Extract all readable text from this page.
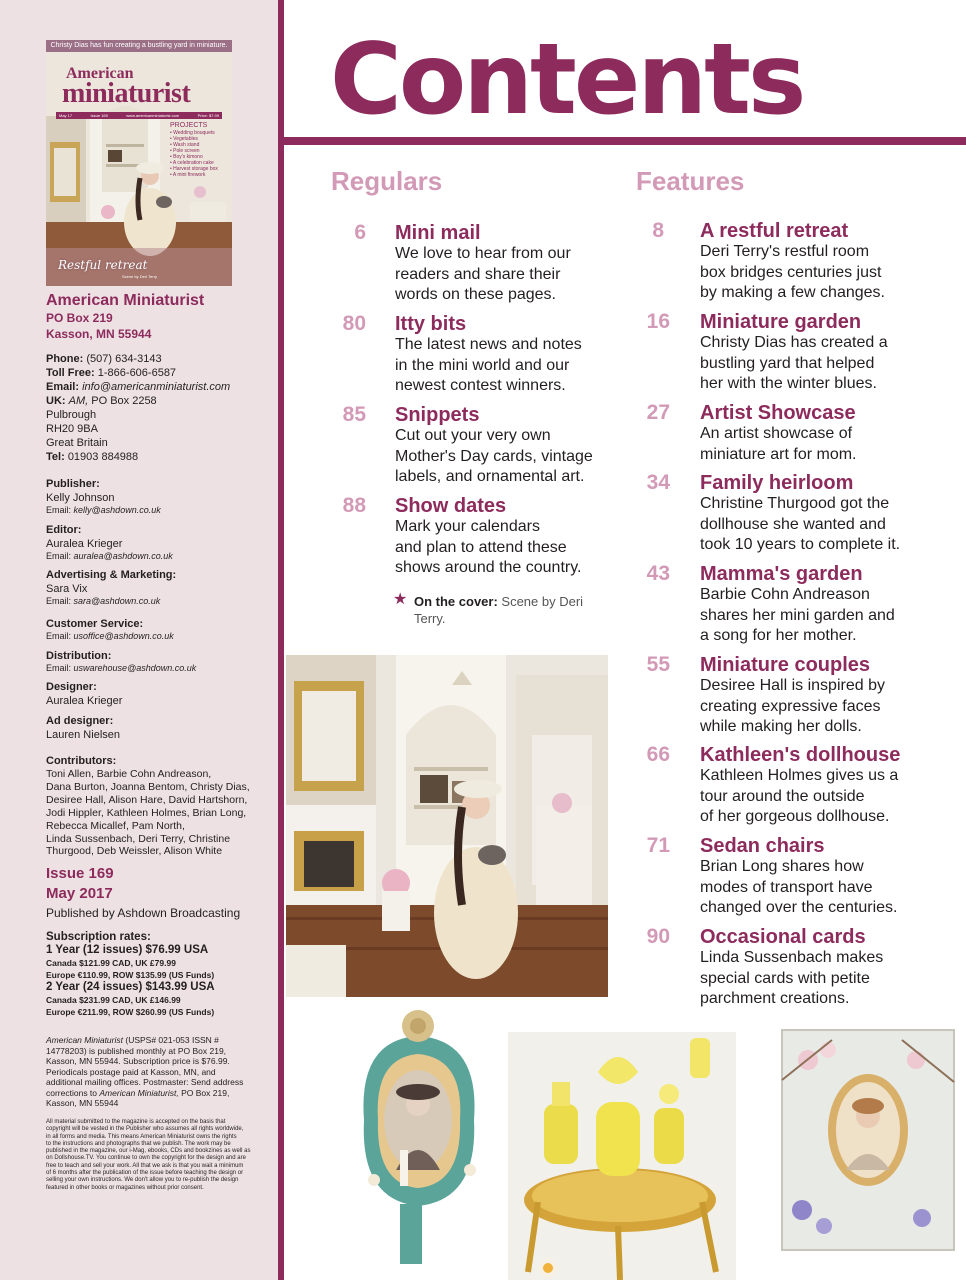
Christy Dias has fun creating a bustling yard in miniature.
American
miniaturist
May 17	Issue 169	www.americanminiaturist.com	Price: $7.99
PROJECTS
• Wedding bouquets
• Vegetables
• Wash stand
• Pole screen
• Boy's kimono
• A celebration cake
• Harvest storage box
• A mini firework
Restful retreat
Scene by Deri Terry
American Miniaturist
PO Box 219
Kasson, MN 55944
Phone: (507) 634-3143
Toll Free: 1-866-606-6587
Email: info@americanminiaturist.com
UK: AM, PO Box 2258
Pulbrough
RH20 9BA
Great Britain
Tel: 01903 884988
Publisher:
Kelly Johnson
Email: kelly@ashdown.co.uk
Editor:
Auralea Krieger
Email: auralea@ashdown.co.uk
Advertising & Marketing:
Sara Vix
Email: sara@ashdown.co.uk
Customer Service:
Email: usoffice@ashdown.co.uk
Distribution:
Email: uswarehouse@ashdown.co.uk
Designer:
Auralea Krieger
Ad designer:
Lauren Nielsen
Contributors:
Toni Allen, Barbie Cohn Andreason,
Dana Burton, Joanna Bentom, Christy Dias,
Desiree Hall, Alison Hare, David Hartshorn,
Jodi Hippler, Kathleen Holmes, Brian Long,
Rebecca Micallef, Pam North,
Linda Sussenbach, Deri Terry, Christine
Thurgood, Deb Weissler, Alison White
Issue 169
May 2017
Published by Ashdown Broadcasting
Subscription rates:
1 Year (12 issues) $76.99 USA
Canada $121.99 CAD, UK £79.99
Europe €110.99, ROW $135.99 (US Funds)
2 Year (24 issues) $143.99 USA
Canada $231.99 CAD, UK £146.99
Europe €211.99, ROW $260.99 (US Funds)
American Miniaturist (USPS# 021-053 ISSN #
14778203) is published monthly at PO Box 219,
Kasson, MN 55944. Subscription price is $76.99.
Periodicals postage paid at Kasson, MN, and
additional mailing offices. Postmaster: Send address
corrections to American Miniaturist, PO Box 219,
Kasson, MN 55944
All material submitted to the magazine is accepted on the basis that
copyright will be vested in the Publisher who assumes all rights worldwide,
in all forms and media. This means American Miniaturist owns the rights
to the instructions and photographs that we publish. The work may be
published in the magazine, our i-Mag, ebooks, CDs and bookzines as well as
on Dollshouse.TV. You continue to own the copyright for the design and are
free to teach and sell your work. All that we ask is that you wait a minimum
of 6 months after the publication of the issue before teaching the design or
selling your own instructions. We don't allow you to re-publish the design
featured in other books or magazines without prior consent.
Contents
Regulars	Features
6 Mini mail
We love to hear from our
readers and share their
words on these pages.
80 Itty bits
The latest news and notes
in the mini world and our
newest contest winners.
85 Snippets
Cut out your very own
Mother's Day cards, vintage
labels, and ornamental art.
88 Show dates
Mark your calendars
and plan to attend these
shows around the country.
★ On the cover: Scene by Deri Terry.
8 A restful retreat
Deri Terry's restful room
box bridges centuries just
by making a few changes.
16 Miniature garden
Christy Dias has created a
bustling yard that helped
her with the winter blues.
27 Artist Showcase
An artist showcase of
miniature art for mom.
34 Family heirloom
Christine Thurgood got the
dollhouse she wanted and
took 10 years to complete it.
43 Mamma's garden
Barbie Cohn Andreason
shares her mini garden and
a song for her mother.
55 Miniature couples
Desiree Hall is inspired by
creating expressive faces
while making her dolls.
66 Kathleen's dollhouse
Kathleen Holmes gives us a
tour around the outside
of her gorgeous dollhouse.
71 Sedan chairs
Brian Long shares how
modes of transport have
changed over the centuries.
90 Occasional cards
Linda Sussenbach makes
special cards with petite
parchment creations.
